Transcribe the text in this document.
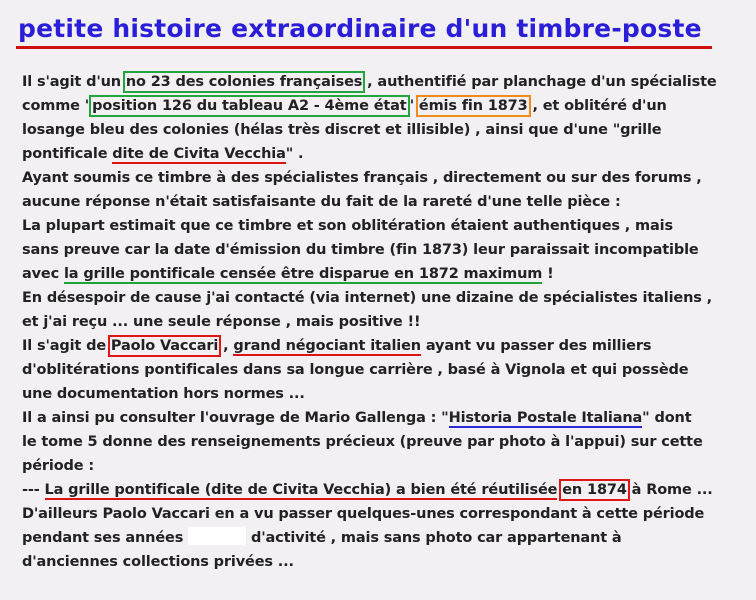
petite histoire extraordinaire d'un timbre-poste
Il s'agit d'un no 23 des colonies françaises , authentifié par planchage d'un spécialiste
comme "position 126 du tableau A2 - 4ème état" émis fin 1873 , et oblitéré d'un
losange bleu des colonies (hélas très discret et illisible) , ainsi que d'une "grille
pontificale dite de Civita Vecchia" .
Ayant soumis ce timbre à des spécialistes français , directement ou sur des forums ,
aucune réponse n'était satisfaisante du fait de la rareté d'une telle pièce :
La plupart estimait que ce timbre et son oblitération étaient authentiques , mais
sans preuve car la date d'émission du timbre (fin 1873) leur paraissait incompatible
avec la grille pontificale censée être disparue en 1872 maximum !
En désespoir de cause j'ai contacté (via internet) une dizaine de spécialistes italiens ,
et j'ai reçu ... une seule réponse , mais positive !!
Il s'agit de Paolo Vaccari , grand négociant italien ayant vu passer des milliers
d'oblitérations pontificales dans sa longue carrière , basé à Vignola et qui possède
une documentation hors normes ...
Il a ainsi pu consulter l'ouvrage de Mario Gallenga : "Historia Postale Italiana" dont
le tome 5 donne des renseignements précieux (preuve par photo à l'appui) sur cette
période :
--- La grille pontificale (dite de Civita Vecchia) a bien été réutilisée en 1874 à Rome ...
D'ailleurs Paolo Vaccari en a vu passer quelques-unes correspondant à cette période
pendant ses années	d'activité , mais sans photo car appartenant à
d'anciennes collections privées ...
